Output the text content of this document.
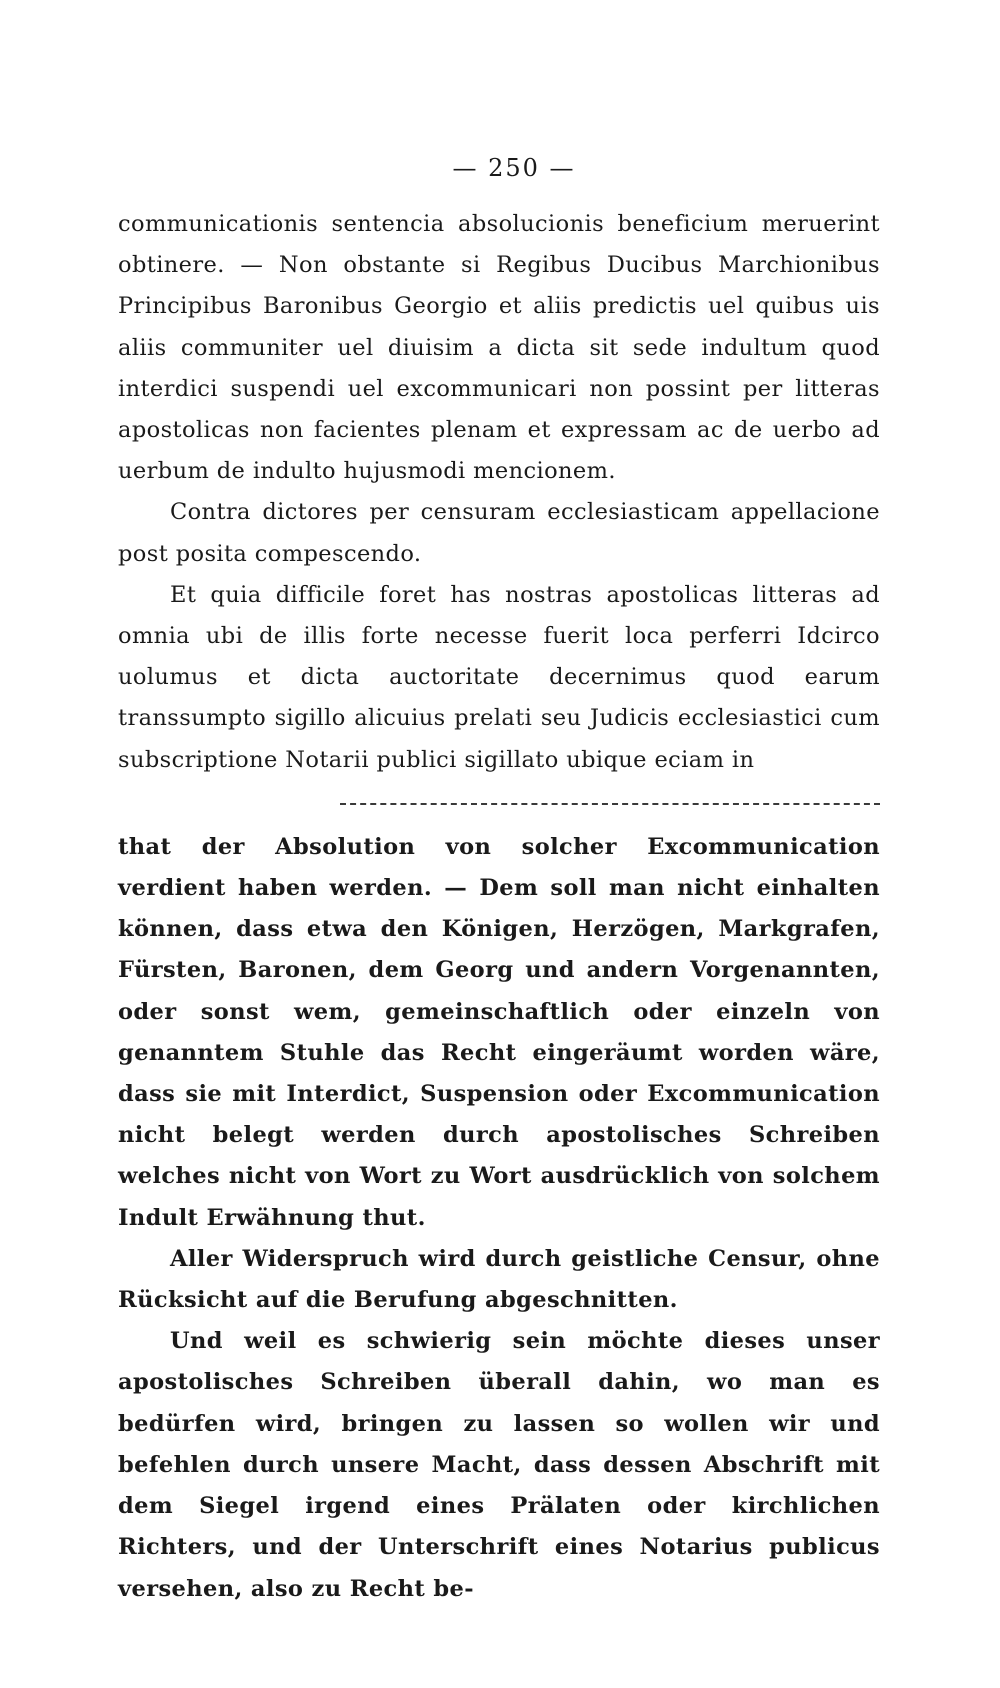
— 250 —

communicationis sentencia absolucionis beneficium meruerint obtinere. — Non obstante si Regibus Ducibus Marchionibus Principibus Baronibus Georgio et aliis predictis uel quibus uis aliis communiter uel diuisim a dicta sit sede indultum quod interdici suspendi uel excommunicari non possint per litteras apostolicas non facientes plenam et expressam ac de uerbo ad uerbum de indulto hujusmodi mencionem.

Contra dictores per censuram ecclesiasticam appellacione post posita compescendo.

Et quia difficile foret has nostras apostolicas litteras ad omnia ubi de illis forte necesse fuerit loca perferri Idcirco uolumus et dicta auctoritate decernimus quod earum transsumpto sigillo alicuius prelati seu Judicis ecclesiastici cum subscriptione Notarii publici sigillato ubique eciam in

that der Absolution von solcher Excommunication verdient haben werden. — Dem soll man nicht einhalten können, dass etwa den Königen, Herzögen, Markgrafen, Fürsten, Baronen, dem Georg und andern Vorgenannten, oder sonst wem, gemeinschaftlich oder einzeln von genanntem Stuhle das Recht eingeräumt worden wäre, dass sie mit Interdict, Suspension oder Excommunication nicht belegt werden durch apostolisches Schreiben welches nicht von Wort zu Wort ausdrücklich von solchem Indult Erwähnung thut.

Aller Widerspruch wird durch geistliche Censur, ohne Rücksicht auf die Berufung abgeschnitten.

Und weil es schwierig sein möchte dieses unser apostolisches Schreiben überall dahin, wo man es bedürfen wird, bringen zu lassen so wollen wir und befehlen durch unsere Macht, dass dessen Abschrift mit dem Siegel irgend eines Prälaten oder kirchlichen Richters, und der Unterschrift eines Notarius publicus versehen, also zu Recht be-
